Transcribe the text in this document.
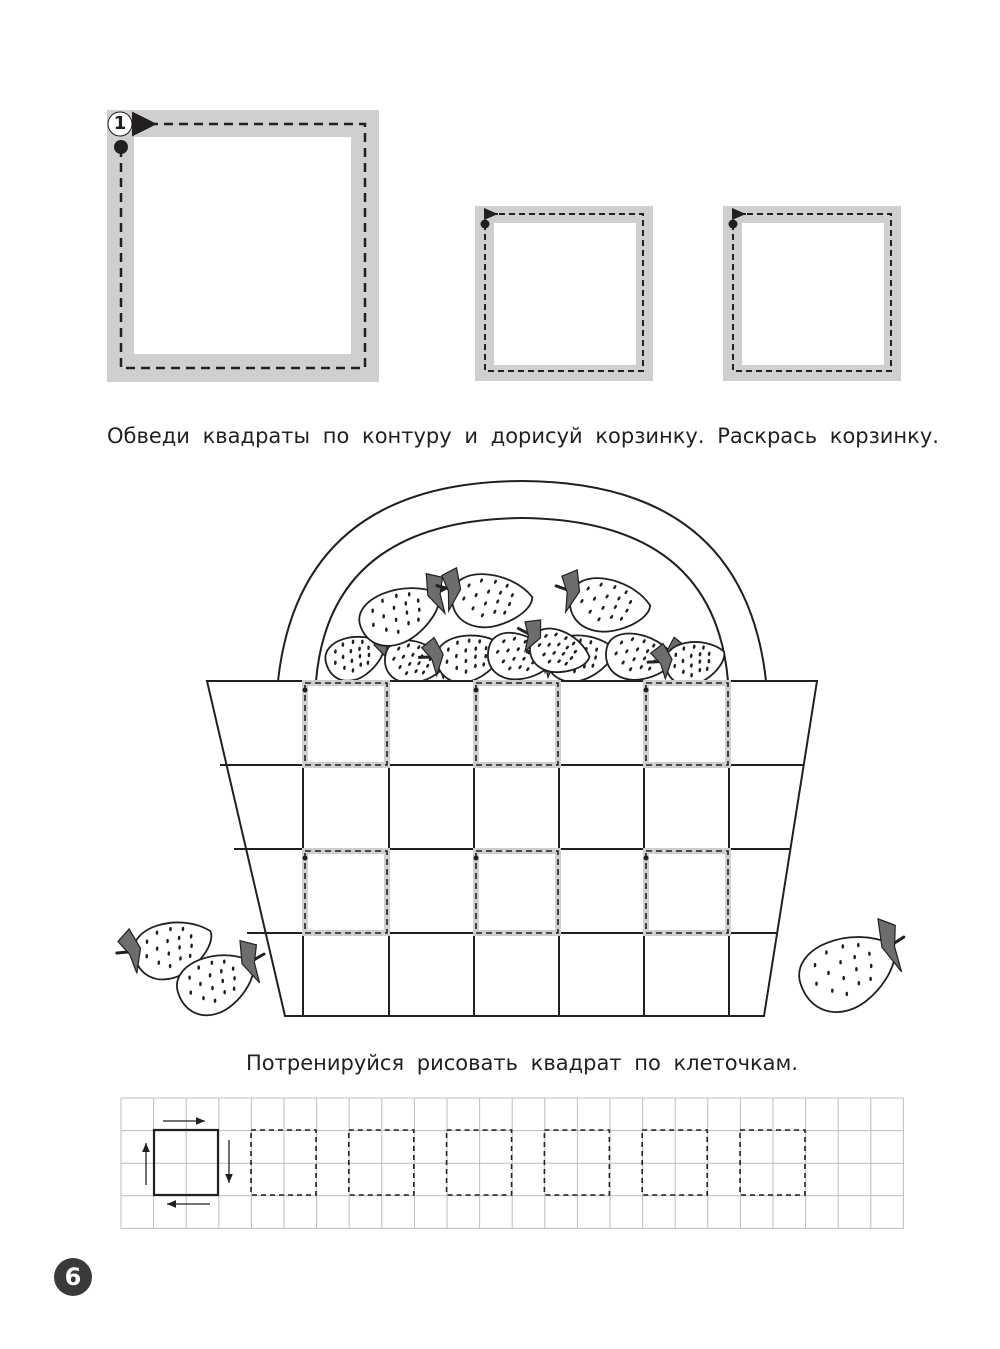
1

Обведи квадраты по контуру и дорисуй корзинку. Раскрась корзинку.

Потренируйся рисовать квадрат по клеточкам.

6
